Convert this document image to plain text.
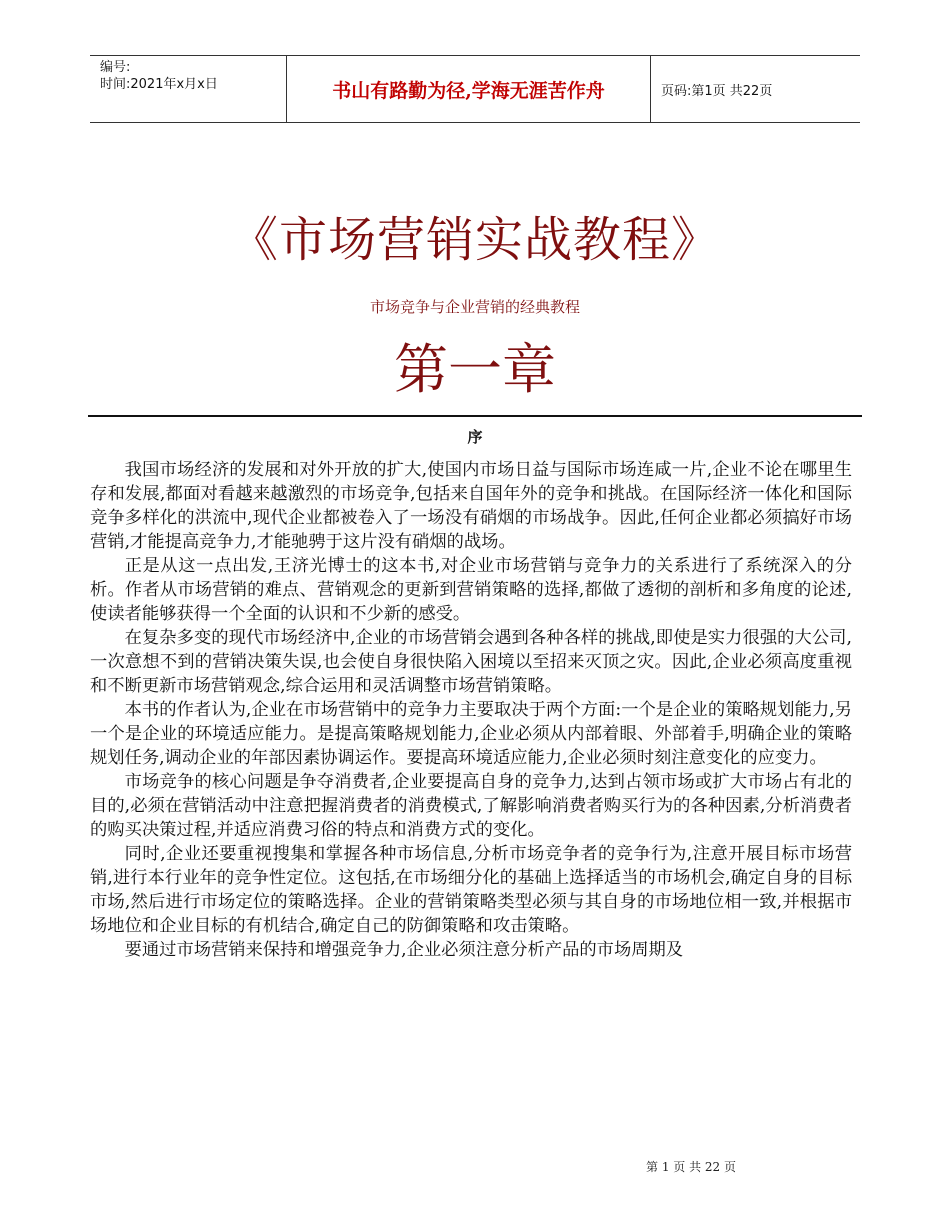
编号:
时间:2021年x月x日	书山有路勤为径,学海无涯苦作舟	页码:第1页 共22页
《市场营销实战教程》
市场竞争与企业营销的经典教程
第一章
序

我国市场经济的发展和对外开放的扩大,使国内市场日益与国际市场连咸一片,企业不论在哪里生存和发展,都面对看越来越激烈的市场竞争,包括来自国年外的竞争和挑战。在国际经济一体化和国际竞争多样化的洪流中,现代企业都被卷入了一场没有硝烟的市场战争。因此,任何企业都必须搞好市场营销,才能提高竞争力,才能驰骋于这片没有硝烟的战场。

正是从这一点出发,王济光博士的这本书,对企业市场营销与竞争力的关系进行了系统深入的分析。作者从市场营销的难点、营销观念的更新到营销策略的选择,都做了透彻的剖析和多角度的论述,使读者能够获得一个全面的认识和不少新的感受。

在复杂多变的现代市场经济中,企业的市场营销会遇到各种各样的挑战,即使是实力很强的大公司,一次意想不到的营销决策失误,也会使自身很快陷入困境以至招来灭顶之灾。因此,企业必须高度重视和不断更新市场营销观念,综合运用和灵活调整市场营销策略。

本书的作者认为,企业在市场营销中的竞争力主要取决于两个方面:一个是企业的策略规划能力,另一个是企业的环境适应能力。是提高策略规划能力,企业必须从内部着眼、外部着手,明确企业的策略规划任务,调动企业的年部因素协调运作。要提高环境适应能力,企业必须时刻注意变化的应变力。

市场竞争的核心问题是争夺消费者,企业要提高自身的竞争力,达到占领市场或扩大市场占有北的目的,必须在营销活动中注意把握消费者的消费模式,了解影响消费者购买行为的各种因素,分析消费者的购买决策过程,并适应消费习俗的特点和消费方式的变化。

同时,企业还要重视搜集和掌握各种市场信息,分析市场竞争者的竞争行为,注意开展目标市场营销,进行本行业年的竞争性定位。这包括,在市场细分化的基础上选择适当的市场机会,确定自身的目标市场,然后进行市场定位的策略选择。企业的营销策略类型必须与其自身的市场地位相一致,并根据市场地位和企业目标的有机结合,确定自己的防御策略和攻击策略。

要通过市场营销来保持和增强竞争力,企业必须注意分析产品的市场周期及

第 1 页 共 22 页
